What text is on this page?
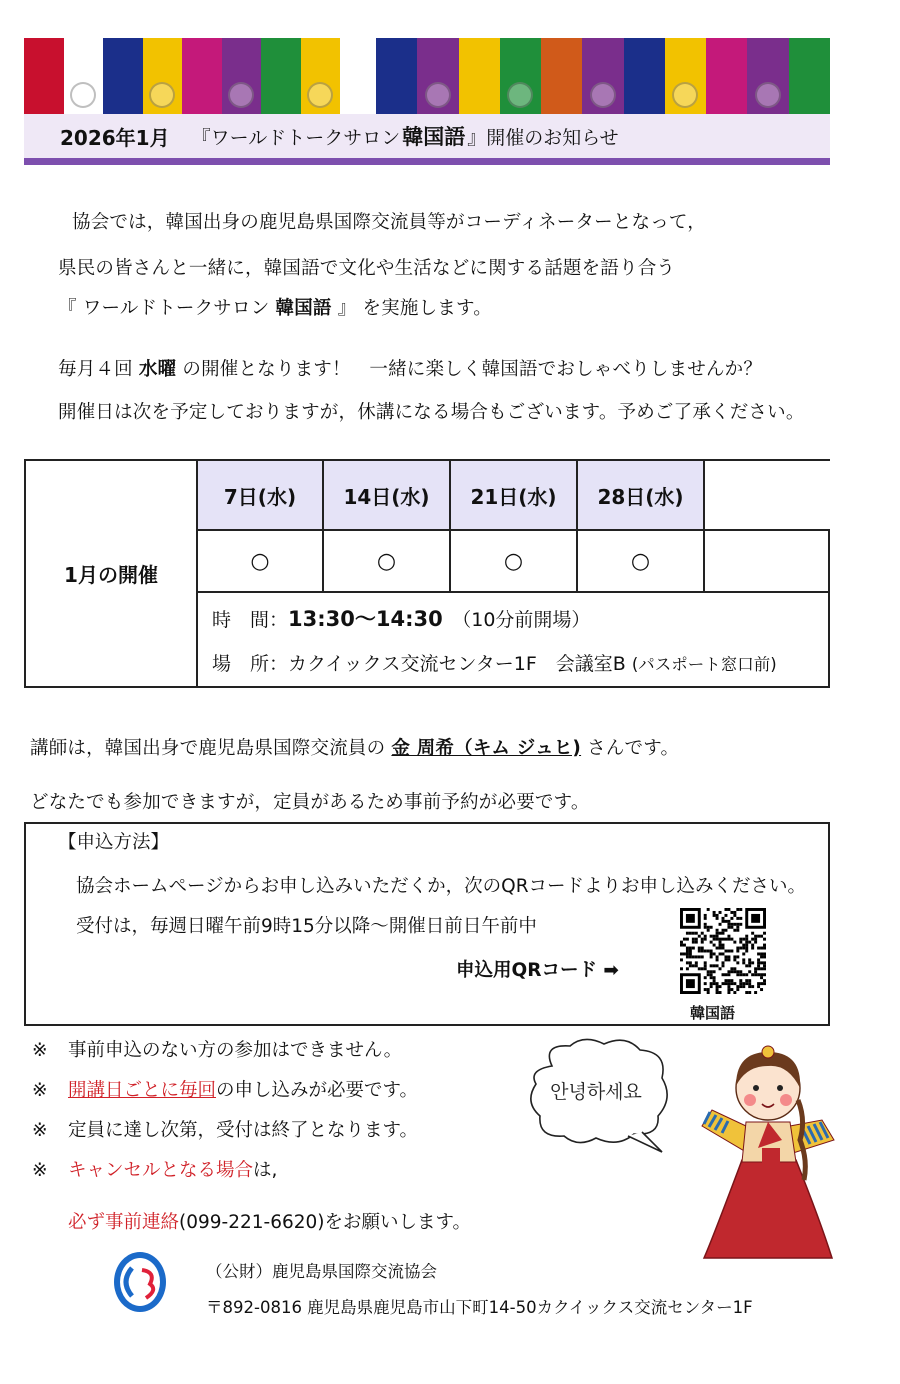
2026年1月 『ワールドトークサロン 韓国語 』開催のお知らせ
協会では，韓国出身の鹿児島県国際交流員等がコーディネーターとなって，
県民の皆さんと一緒に，韓国語で文化や生活などに関する話題を語り合う
『 ワールドトークサロン 韓国語 』 を実施します。
毎月４回 水曜 の開催となります！　一緒に楽しく韓国語でおしゃべりしませんか？
開催日は次を予定しておりますが，休講になる場合もございます。予めご了承ください。
1月の開催
7日(水)	14日(水)	21日(水)	28日(水)
○	○	○	○
時　間：13:30～14:30　 （10分前開場）
場　所：カクイックス交流センター1F　会議室B (パスポート窓口前)
講師は，韓国出身で鹿児島県国際交流員の 金 周希（キム ジュヒ) さんです。
どなたでも参加できますが，定員があるため事前予約が必要です。
【申込方法】
協会ホームページからお申し込みいただくか，次のQRコードよりお申し込みください。
受付は，毎週日曜午前9時15分以降～開催日前日午前中
申込用QRコード ➡
韓国語
※ 事前申込のない方の参加はできません。
※ 開講日ごとに毎回の申し込みが必要です。
※ 定員に達し次第，受付は終了となります。
※ キャンセルとなる場合は,
必ず事前連絡(099-221-6620)をお願いします。
안녕하세요
（公財）鹿児島県国際交流協会
〒892-0816 鹿児島県鹿児島市山下町14-50カクイックス交流センター1F
